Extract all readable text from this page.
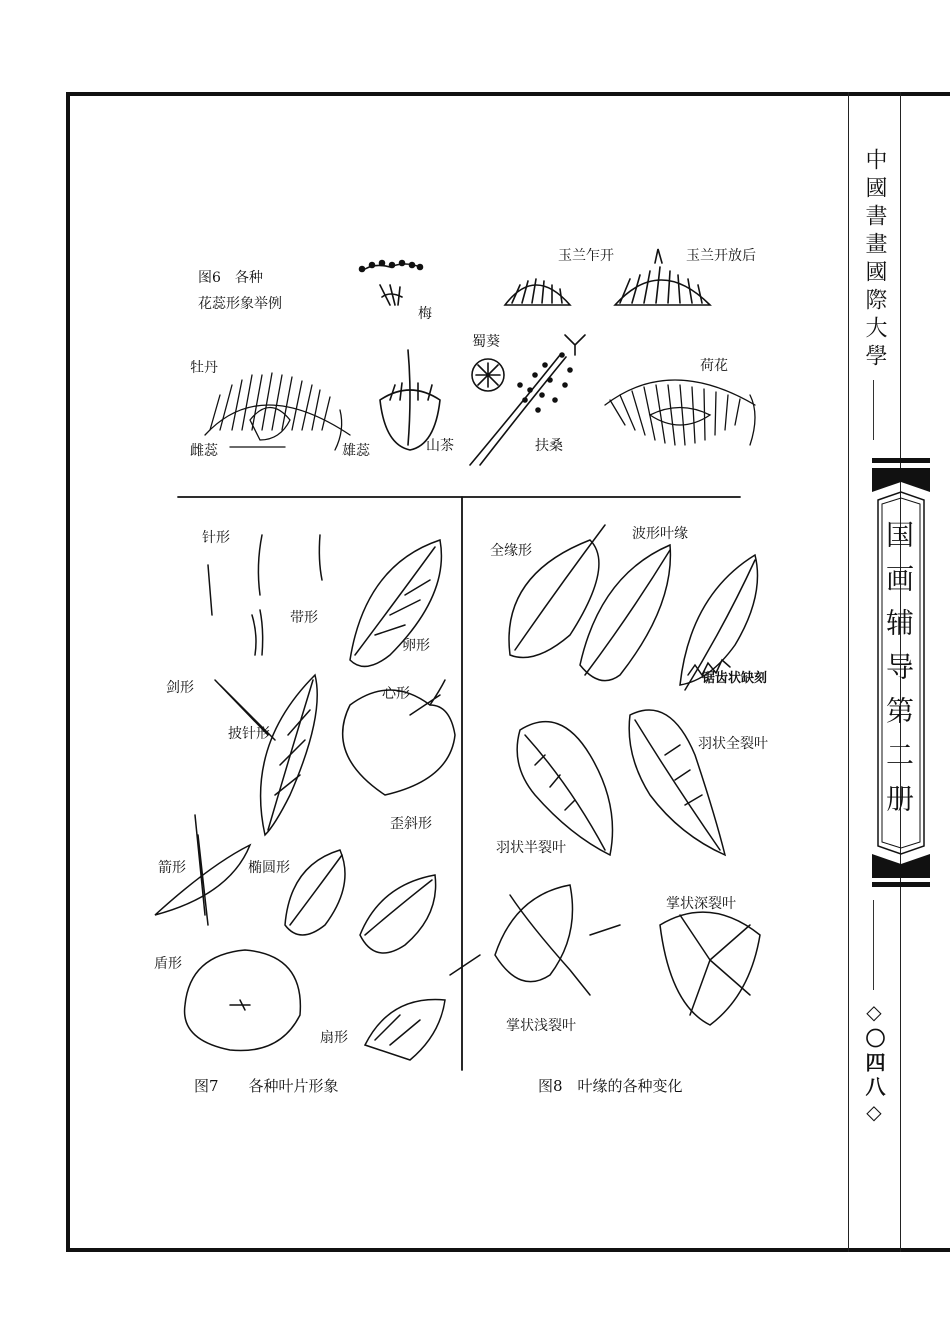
中國書畫國際大學
国画辅导第二册
◇〇四八◇
图6　各种
花蕊形象举例
梅
玉兰乍开	玉兰开放后
蜀葵
牡丹
雌蕊	雄蕊	山茶	扶桑
荷花
针形
带形
卵形
剑形	心形
披针形
歪斜形
箭形	椭圆形
盾形
扇形
图7　　各种叶片形象
全缘形
波形叶缘
锯齿状缺刻
羽状全裂叶
羽状半裂叶
掌状深裂叶
掌状浅裂叶
图8　叶缘的各种变化
